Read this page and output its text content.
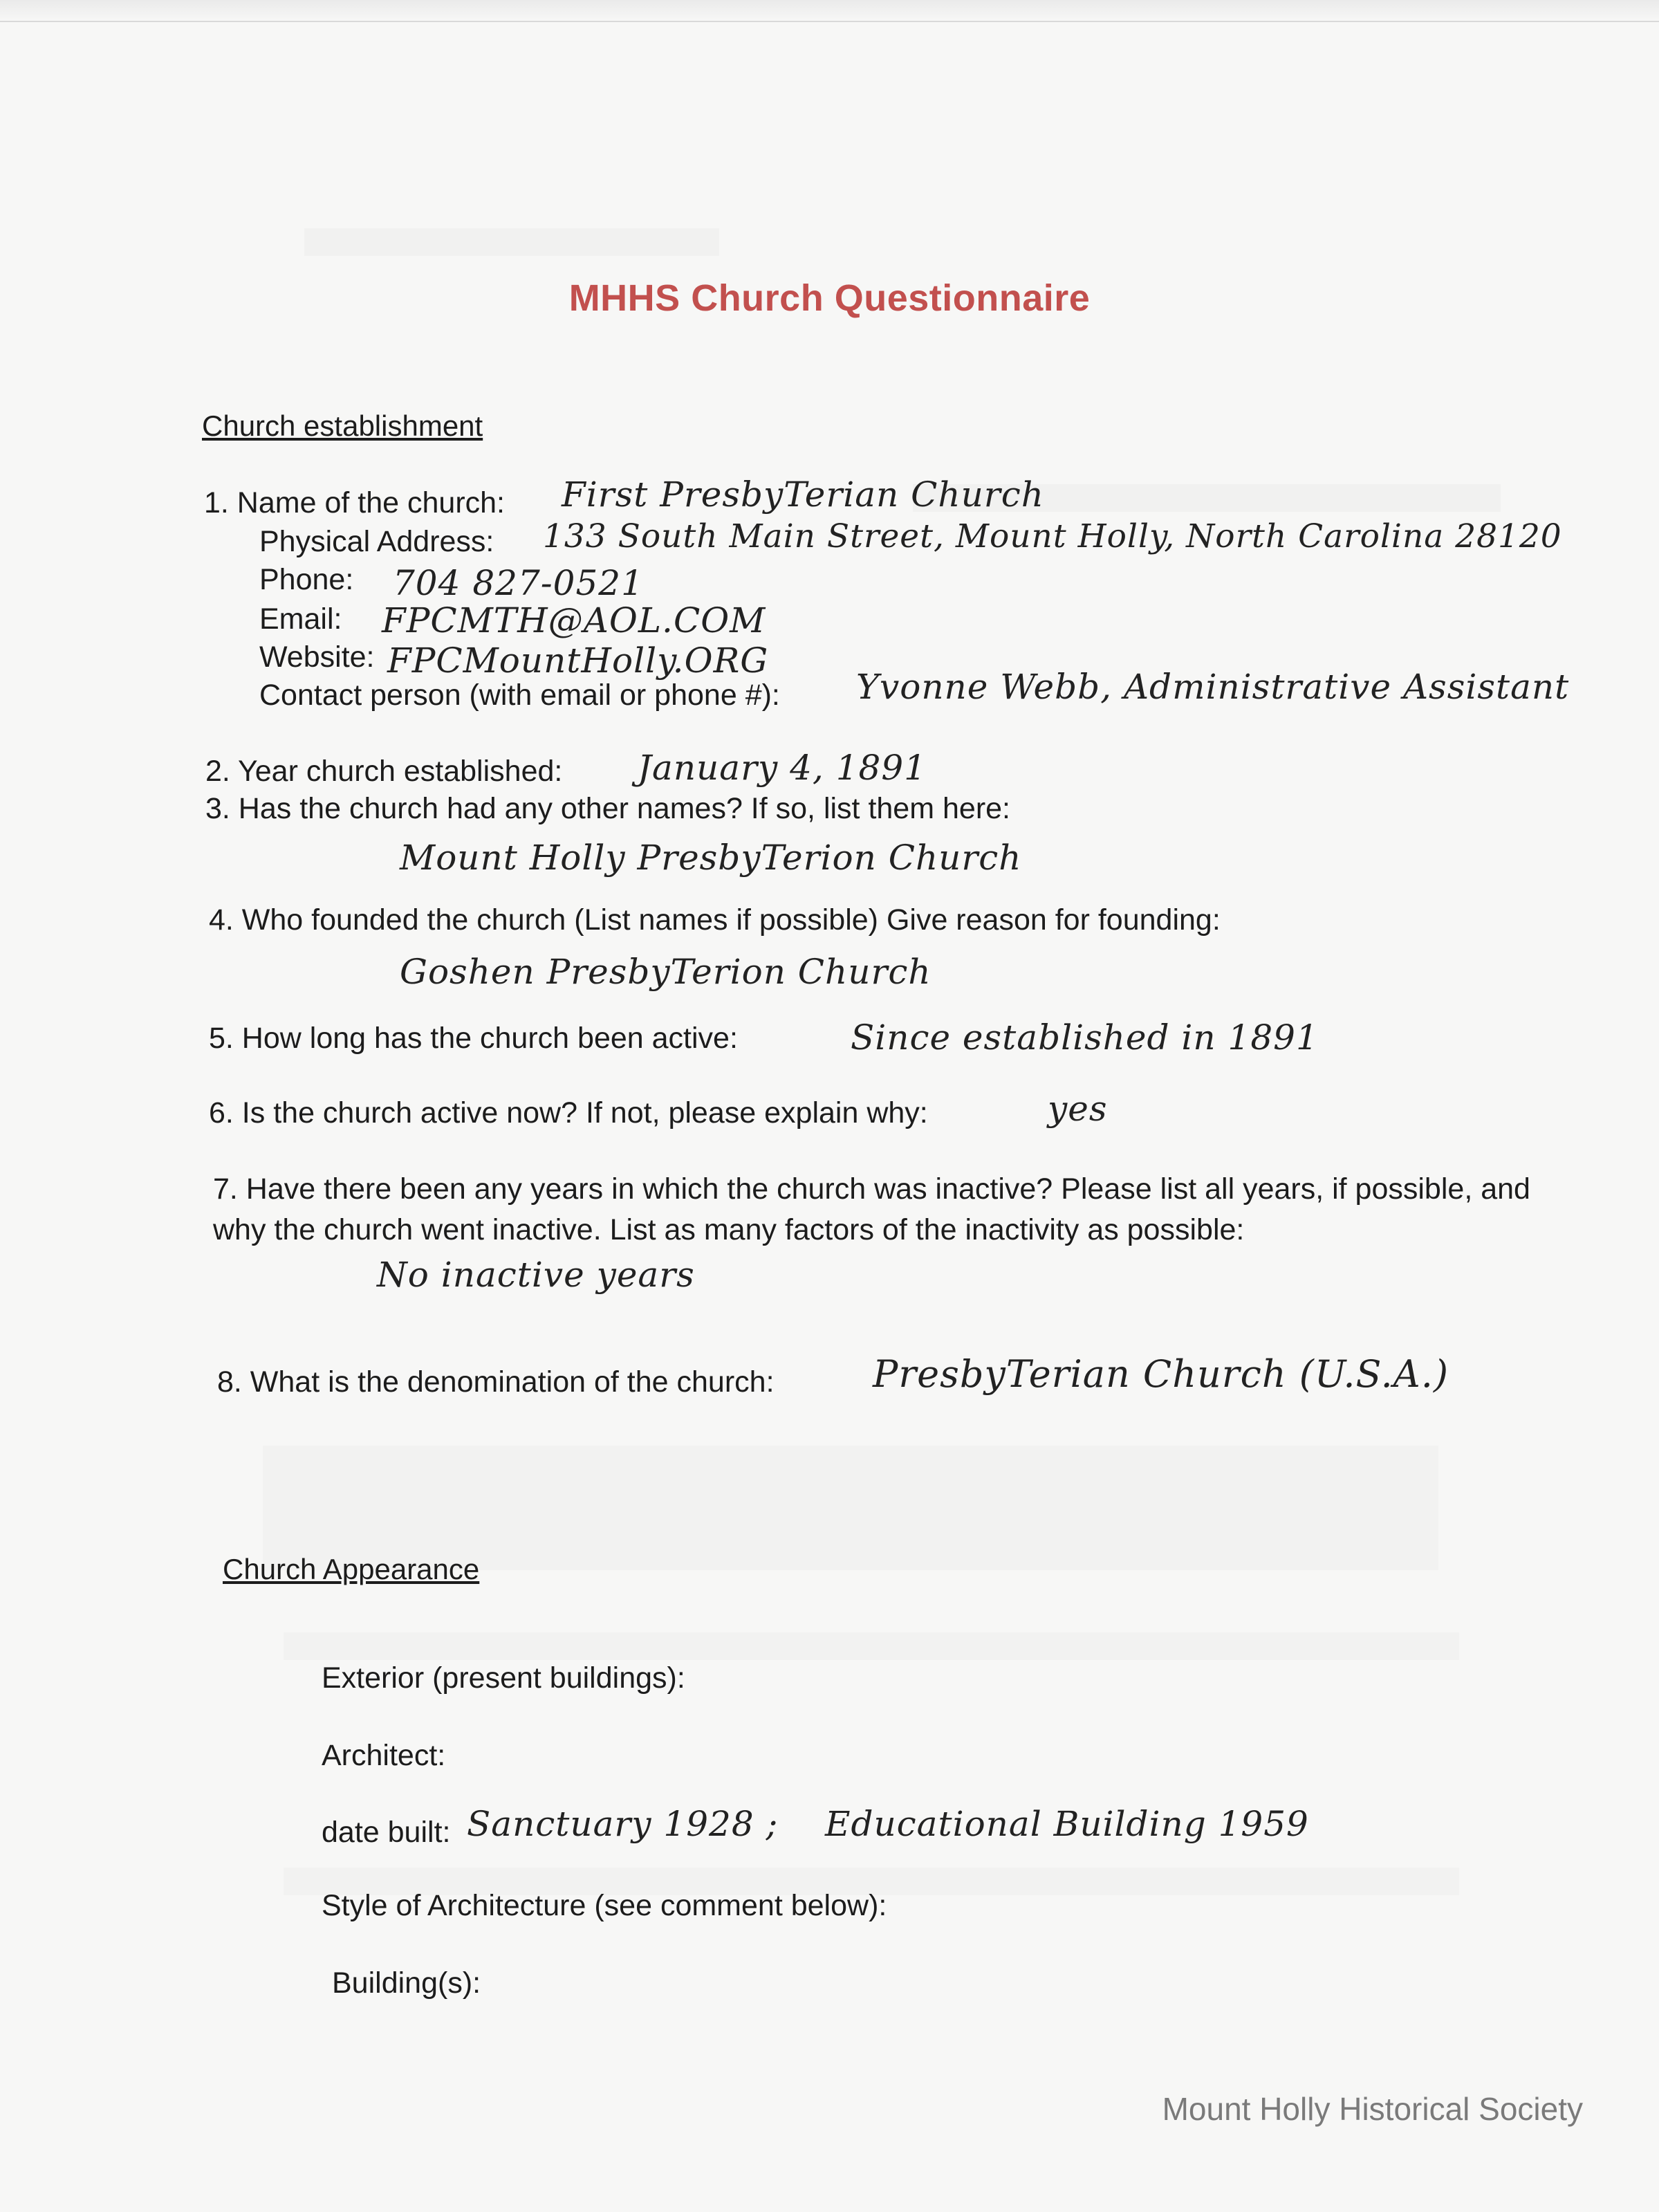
MHHS Church Questionnaire
Church establishment
1. Name of the church: First PresbyTerian Church
Physical Address: 133 South Main Street, Mount Holly, North Carolina 28120
Phone: 704 827-0521
Email: FPCMTH@AOL.COM
Website: FPCMountHolly.ORG
Contact person (with email or phone #): Yvonne Webb, Administrative Assistant
2. Year church established: January 4, 1891
3. Has the church had any other names? If so, list them here:
Mount Holly PresbyTerion Church
4. Who founded the church (List names if possible) Give reason for founding:
Goshen PresbyTerion Church
5. How long has the church been active:	Since established in 1891
6. Is the church active now? If not, please explain why:	yes
7. Have there been any years in which the church was inactive? Please list all years, if possible, and why the church went inactive. List as many factors of the inactivity as possible:
No inactive years
8. What is the denomination of the church:	PresbyTerian Church (U.S.A.)
Church Appearance
Exterior (present buildings):
Architect:
date built: Sanctuary 1928 ;    Educational Building 1959
Style of Architecture (see comment below):
Building(s):
Mount Holly Historical Society
